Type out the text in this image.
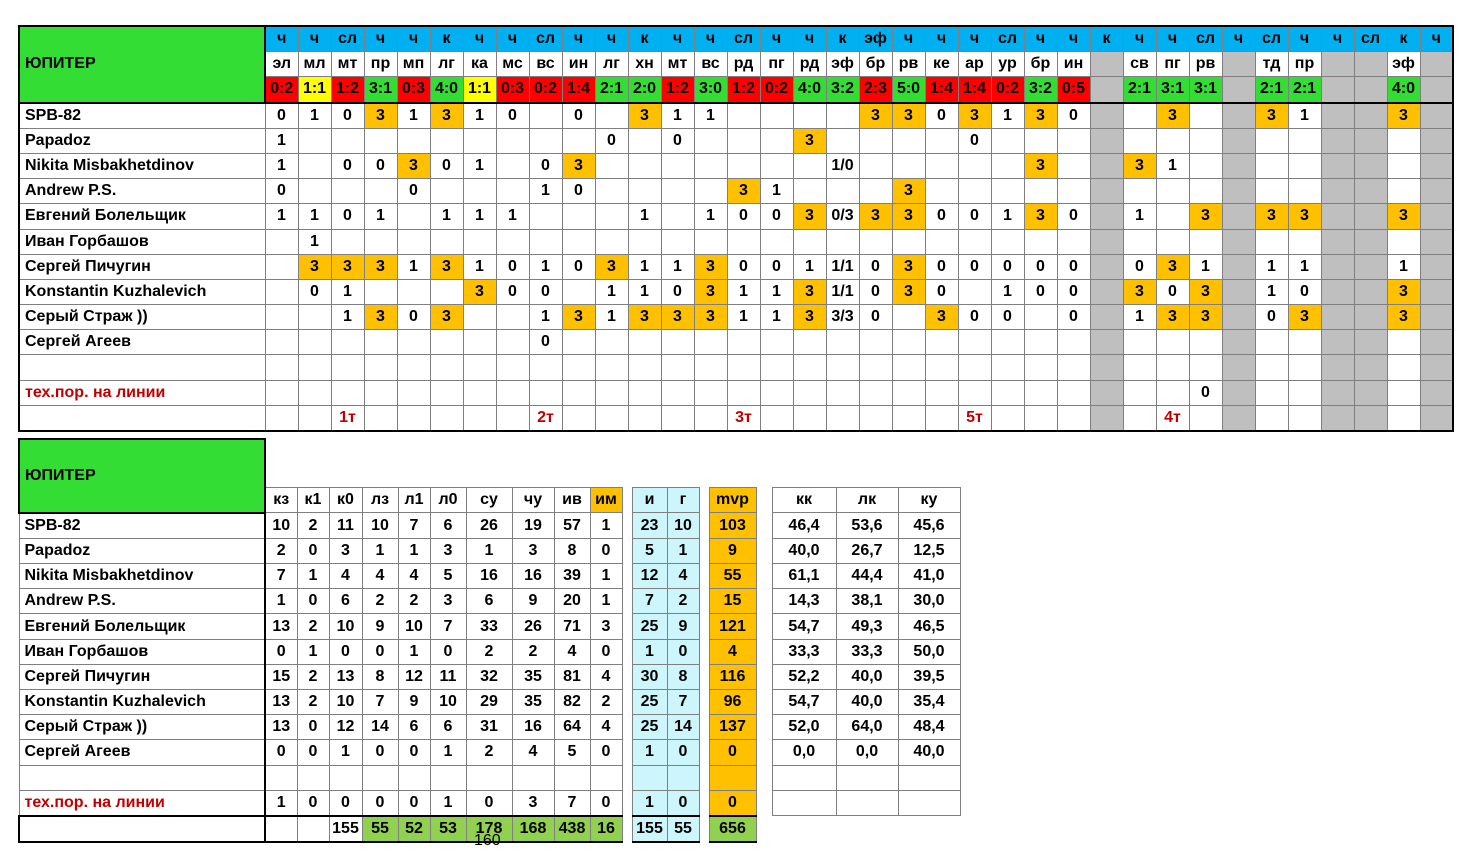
ЮПИТЕР	ч	ч	сл	ч	ч	к	ч	ч	сл	ч	ч	к	ч	ч	сл	ч	ч	к	эф	ч	ч	ч	сл	ч	ч	к	ч	ч	сл	ч	сл	ч	ч	сл	к	ч
	эл	мл	мт	пр	мп	лг	ка	мс	вс	ин	лг	хн	мт	вс	рд	пг	рд	эф	бр	рв	ке	ар	ур	бр	ин		св	пг	рв		тд	пр			эф	
	0:2	1:1	1:2	3:1	0:3	4:0	1:1	0:3	0:2	1:4	2:1	2:0	1:2	3:0	1:2	0:2	4:0	3:2	2:3	5:0	1:4	1:4	0:2	3:2	0:5		2:1	3:1	3:1		2:1	2:1			4:0	
SPB-82	0	1	0	3	1	3	1	0		0		3	1	1					3	3	0	3	1	3	0			3			3	1			3	
Papadoz	1										0		0				3					0														
Nikita Misbakhetdinov	1		0	0	3	0	1		0	3								1/0						3			3	1								
Andrew P.S.	0				0				1	0					3	1				3																
Евгений Болельщик	1	1	0	1		1	1	1				1		1	0	0	3	0/3	3	3	0	0	1	3	0		1		3		3	3			3	
Иван Горбашов		1																																		
Сергей Пичугин		3	3	3	1	3	1	0	1	0	3	1	1	3	0	0	1	1/1	0	3	0	0	0	0	0		0	3	1		1	1			1	
Konstantin Kuzhalevich		0	1				3	0	0		1	1	0	3	1	1	3	1/1	0	3	0		1	0	0		3	0	3		1	0			3	
Серый Страж ))			1	3	0	3			1	3	1	3	3	3	1	1	3	3/3	0		3	0	0		0		1	3	3		0	3			3	
Сергей Агеев									0																											

тех.пор. на линии																													0							
			1т						2т						3т							5т						4т								
ЮПИТЕР																			
	кз	к1	к0	лз	л1	л0	су	чу	ив	им		и	г		mvp		кк	лк	ку
SPB-82	10	2	11	10	7	6	26	19	57	1		23	10		103		46,4	53,6	45,6
Papadoz	2	0	3	1	1	3	1	3	8	0		5	1		9		40,0	26,7	12,5
Nikita Misbakhetdinov	7	1	4	4	4	5	16	16	39	1		12	4		55		61,1	44,4	41,0
Andrew P.S.	1	0	6	2	2	3	6	9	20	1		7	2		15		14,3	38,1	30,0
Евгений Болельщик	13	2	10	9	10	7	33	26	71	3		25	9		121		54,7	49,3	46,5
Иван Горбашов	0	1	0	0	1	0	2	2	4	0		1	0		4		33,3	33,3	50,0
Сергей Пичугин	15	2	13	8	12	11	32	35	81	4		30	8		116		52,2	40,0	39,5
Konstantin Kuzhalevich	13	2	10	7	9	10	29	35	82	2		25	7		96		54,7	40,0	35,4
Серый Страж ))	13	0	12	14	6	6	31	16	64	4		25	14		137		52,0	64,0	48,4
Сергей Агеев	0	0	1	0	0	1	2	4	5	0		1	0		0		0,0	0,0	40,0

тех.пор. на линии	1	0	0	0	0	1	0	3	7	0		1	0		0				
			155	55	52	53	178	168	438	16		155	55		656				
160
